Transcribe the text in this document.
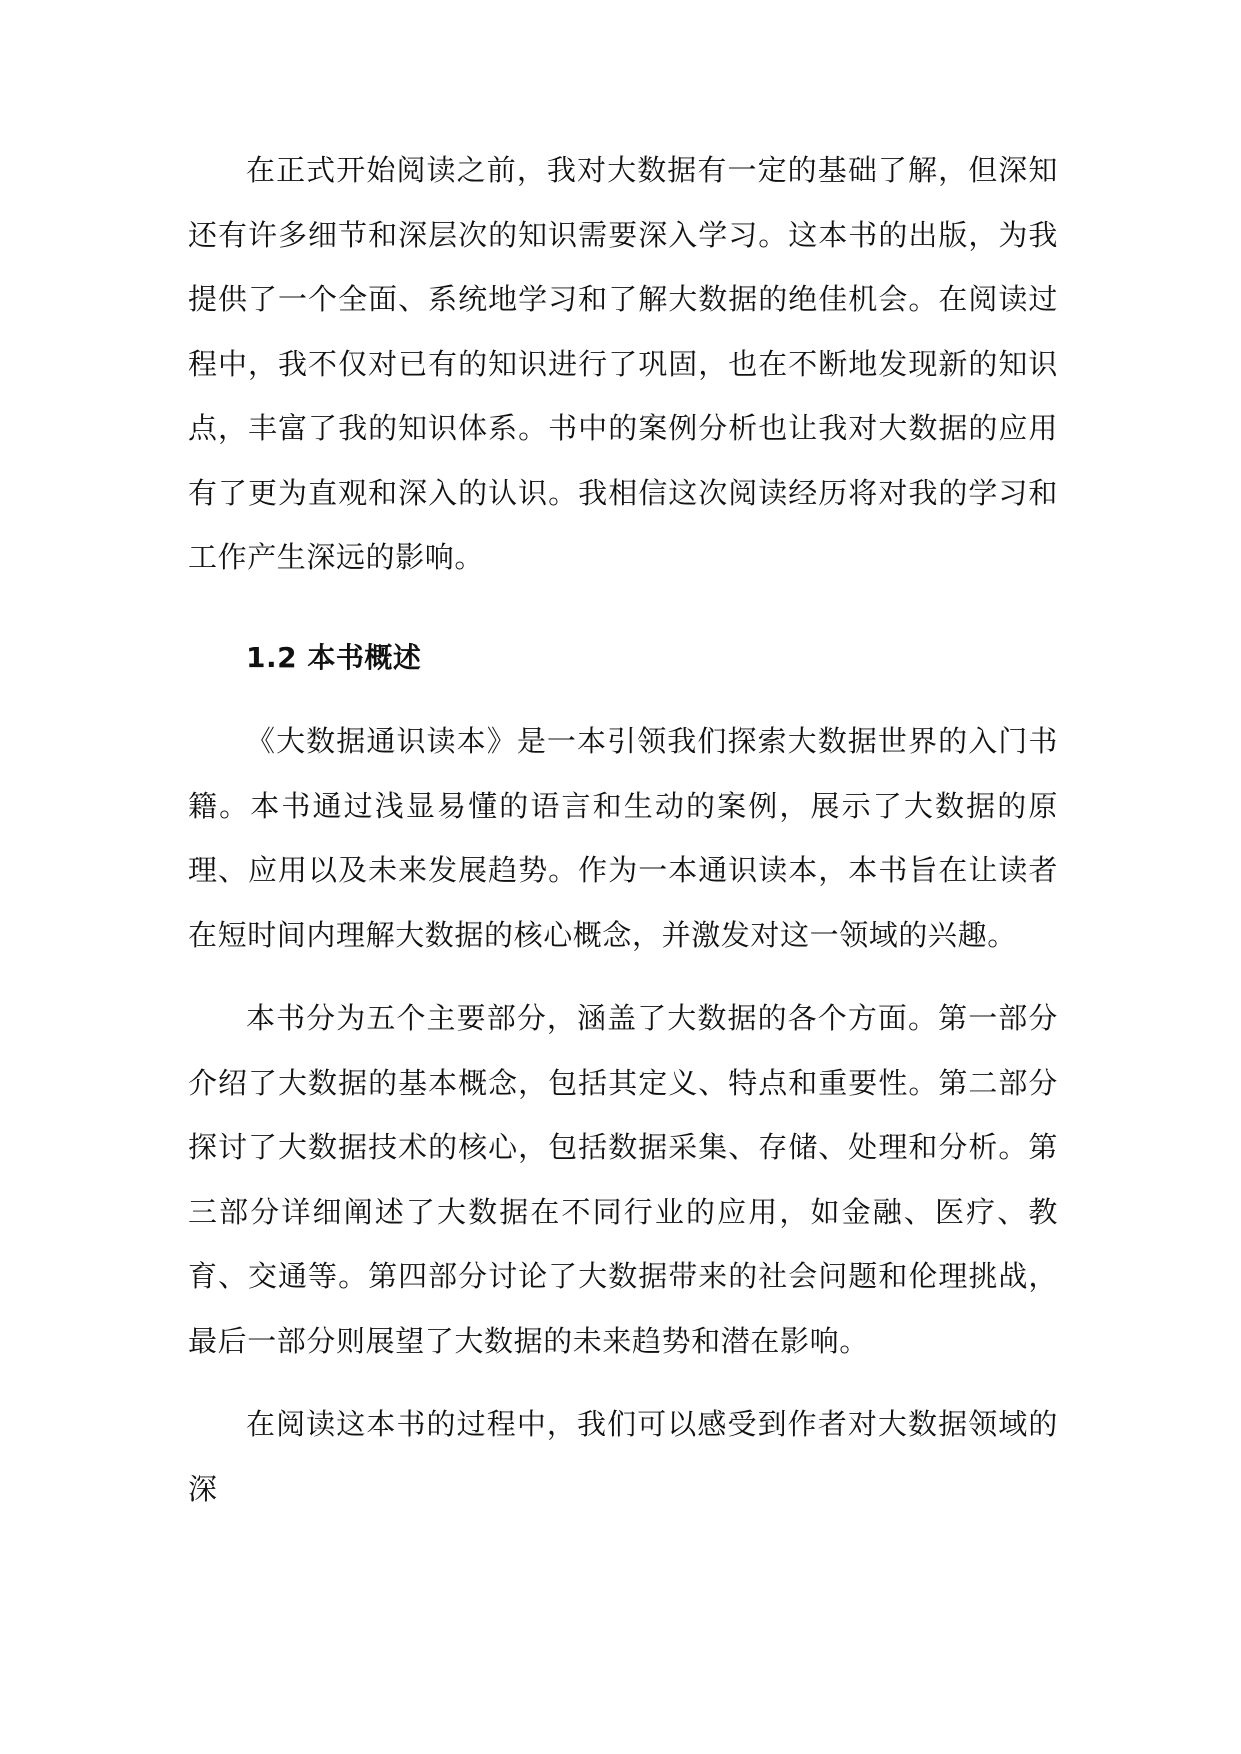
在正式开始阅读之前，我对大数据有一定的基础了解，但深知还有许多细节和深层次的知识需要深入学习。这本书的出版，为我提供了一个全面、系统地学习和了解大数据的绝佳机会。在阅读过程中，我不仅对已有的知识进行了巩固，也在不断地发现新的知识点，丰富了我的知识体系。书中的案例分析也让我对大数据的应用有了更为直观和深入的认识。我相信这次阅读经历将对我的学习和工作产生深远的影响。

1.2 本书概述

《大数据通识读本》是一本引领我们探索大数据世界的入门书籍。本书通过浅显易懂的语言和生动的案例，展示了大数据的原理、应用以及未来发展趋势。作为一本通识读本，本书旨在让读者在短时间内理解大数据的核心概念，并激发对这一领域的兴趣。

本书分为五个主要部分，涵盖了大数据的各个方面。第一部分介绍了大数据的基本概念，包括其定义、特点和重要性。第二部分探讨了大数据技术的核心，包括数据采集、存储、处理和分析。第三部分详细阐述了大数据在不同行业的应用，如金融、医疗、教育、交通等。第四部分讨论了大数据带来的社会问题和伦理挑战，最后一部分则展望了大数据的未来趋势和潜在影响。

在阅读这本书的过程中，我们可以感受到作者对大数据领域的深
